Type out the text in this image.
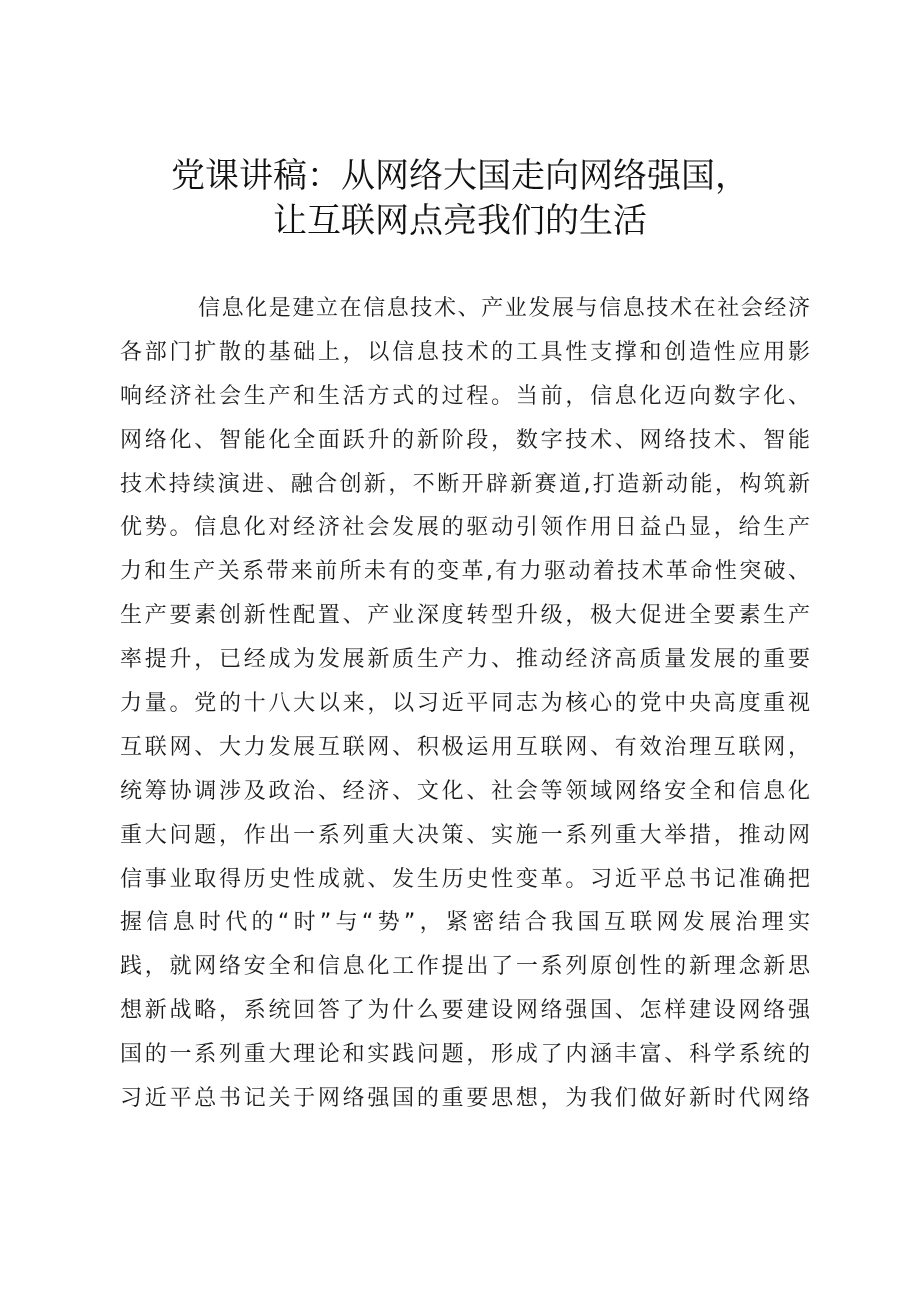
党课讲稿：从网络大国走向网络强国，
让互联网点亮我们的生活
信息化是建立在信息技术、产业发展与信息技术在社会经济
各部门扩散的基础上，以信息技术的工具性支撑和创造性应用影
响经济社会生产和生活方式的过程。当前，信息化迈向数字化、
网络化、智能化全面跃升的新阶段，数字技术、网络技术、智能
技术持续演进、融合创新，不断开辟新赛道,打造新动能，构筑新
优势。信息化对经济社会发展的驱动引领作用日益凸显，给生产
力和生产关系带来前所未有的变革,有力驱动着技术革命性突破、
生产要素创新性配置、产业深度转型升级，极大促进全要素生产
率提升，已经成为发展新质生产力、推动经济高质量发展的重要
力量。党的十八大以来，以习近平同志为核心的党中央高度重视
互联网、大力发展互联网、积极运用互联网、有效治理互联网，
统筹协调涉及政治、经济、文化、社会等领域网络安全和信息化
重大问题，作出一系列重大决策、实施一系列重大举措，推动网
信事业取得历史性成就、发生历史性变革。习近平总书记准确把
握信息时代的“时”与“势”，紧密结合我国互联网发展治理实
践，就网络安全和信息化工作提出了一系列原创性的新理念新思
想新战略，系统回答了为什么要建设网络强国、怎样建设网络强
国的一系列重大理论和实践问题，形成了内涵丰富、科学系统的
习近平总书记关于网络强国的重要思想，为我们做好新时代网络
